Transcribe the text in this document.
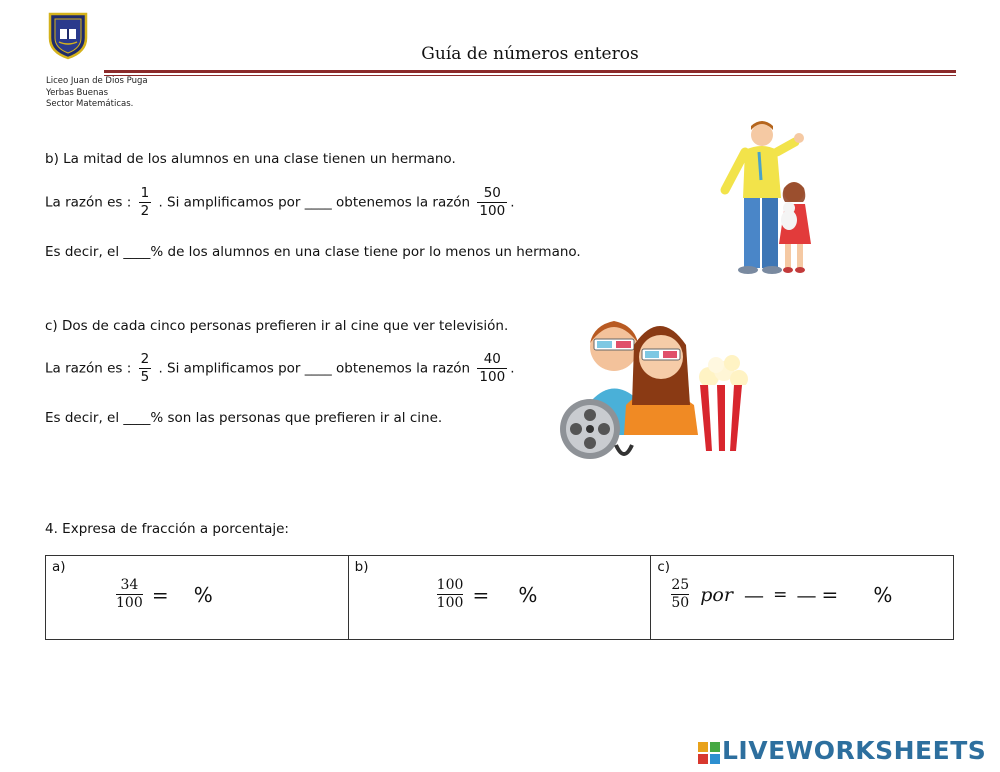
Guía de números enteros
Liceo Juan de Dios Puga
Yerbas Buenas
Sector Matemáticas.
b) La mitad de los alumnos en una clase tienen un hermano.
La razón es : $\frac{1}{2}$ . Si amplificamos por ____ obtenemos la razón $\frac{50}{100}$ .
Es decir, el ____% de los alumnos en una clase tiene por lo menos un hermano.
c) Dos de cada cinco personas prefieren ir al cine que ver televisión.
La razón es : $\frac{2}{5}$ . Si amplificamos por ____ obtenemos la razón $\frac{40}{100}$ .
Es decir, el ____% son las personas que prefieren ir al cine.
4. Expresa de fracción a porcentaje:
a)
$\frac{34}{100}$ = %

b)
$\frac{100}{100}$ = %

c)
$\frac{25}{50}$ por — = — = %
LIVEWORKSHEETS
